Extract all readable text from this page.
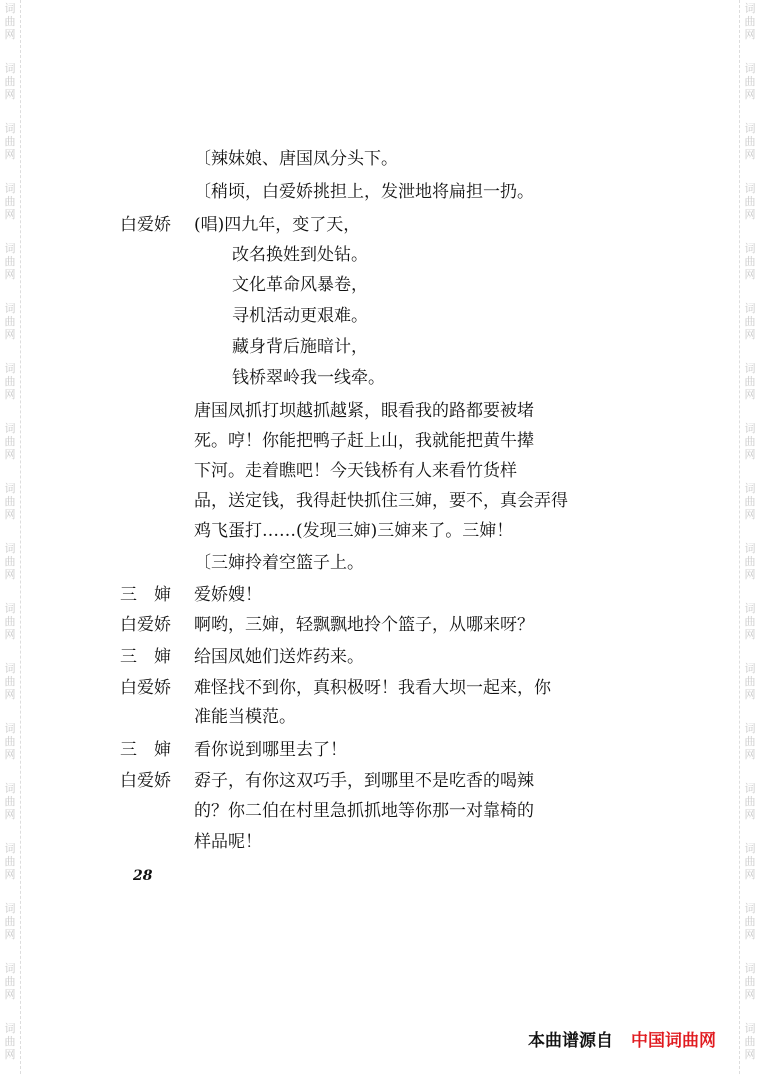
词
曲
网
词
曲
网
词
曲
网
词
曲
网
词
曲
网
词
曲
网
词
曲
网
词
曲
网
词
曲
网
词
曲
网
词
曲
网
词
曲
网
词
曲
网
词
曲
网
词
曲
网
词
曲
网
词
曲
网
词
曲
网
词
曲
网
词
曲
网
词
曲
网
词
曲
网
词
曲
网
词
曲
网
词
曲
网
词
曲
网
词
曲
网
词
曲
网
词
曲
网
词
曲
网
词
曲
网
词
曲
网
词
曲
网
词
曲
网
词
曲
网
词
曲
网
〔辣妹娘、唐国凤分头下。
〔稍顷，白爱娇挑担上，发泄地将扁担一扔。
(唱)四九年，变了天，
改名换姓到处钻。
文化革命风暴卷，
寻机活动更艰难。
藏身背后施暗计，
钱桥翠岭我一线牵。
唐国凤抓打坝越抓越紧，眼看我的路都要被堵
死。哼！你能把鸭子赶上山，我就能把黄牛撵
下河。走着瞧吧！今天钱桥有人来看竹货样
品，送定钱，我得赶快抓住三婶，要不，真会弄得
鸡飞蛋打……(发现三婶)三婶来了。三婶！
〔三婶拎着空篮子上。
爱娇嫂！
啊哟，三婶，轻飘飘地拎个篮子，从哪来呀？
给国凤她们送炸药来。
难怪找不到你，真积极呀！我看大坝一起来，你
准能当模范。
看你说到哪里去了！
孬子，有你这双巧手，到哪里不是吃香的喝辣
的？你二伯在村里急抓抓地等你那一对靠椅的
样品呢！
白爱娇
三　婶
白爱娇
三　婶
白爱娇
三　婶
白爱娇
28
本曲谱源自 中国词曲网
